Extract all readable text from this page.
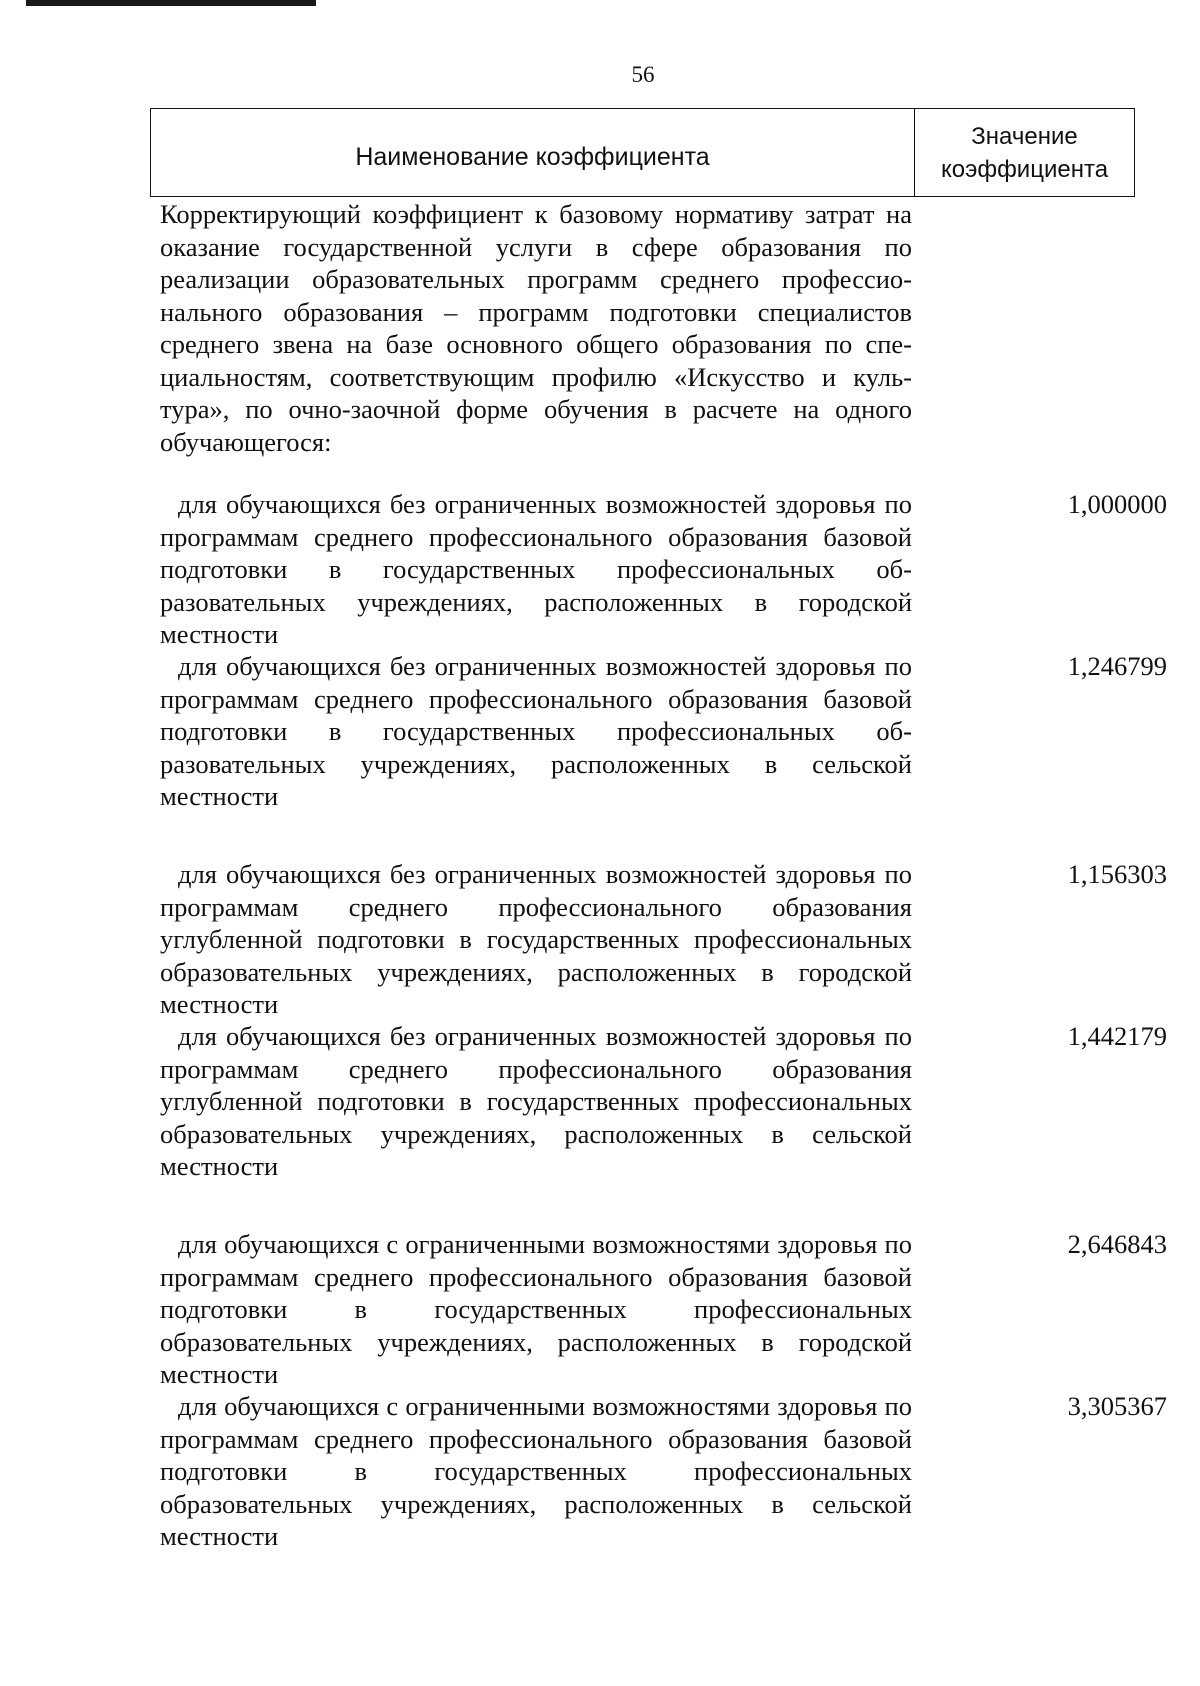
56
Наименование коэффициента
Значение
коэффициента
Корректирующий коэффициент к базовому нормативу затрат на оказание государственной услуги в сфере образования по реализации образовательных программ среднего профессионального образования – программ подготовки специалистов среднего звена на базе основного общего образования по специальностям, соответствующим профилю «Искусство и культура», по очно-заочной форме обучения в расчете на одного обучающегося:
для обучающихся без ограниченных возможностей здоровья по программам среднего профессионального образования базовой подготовки в государственных профессиональных образовательных учреждениях, расположенных в городской местности
1,000000
для обучающихся без ограниченных возможностей здоровья по программам среднего профессионального образования базовой подготовки в государственных профессиональных образовательных учреждениях, расположенных в сельской местности
1,246799
для обучающихся без ограниченных возможностей здоровья по программам среднего профессионального образования углубленной подготовки в государственных профессиональных образовательных учреждениях, расположенных в городской местности
1,156303
для обучающихся без ограниченных возможностей здоровья по программам среднего профессионального образования углубленной подготовки в государственных профессиональных образовательных учреждениях, расположенных в сельской местности
1,442179
для обучающихся с ограниченными возможностями здоровья по программам среднего профессионального образования базовой подготовки в государственных профессиональных образовательных учреждениях, расположенных в городской местности
2,646843
для обучающихся с ограниченными возможностями здоровья по программам среднего профессионального образования базовой подготовки в государственных профессиональных образовательных учреждениях, расположенных в сельской местности
3,305367
